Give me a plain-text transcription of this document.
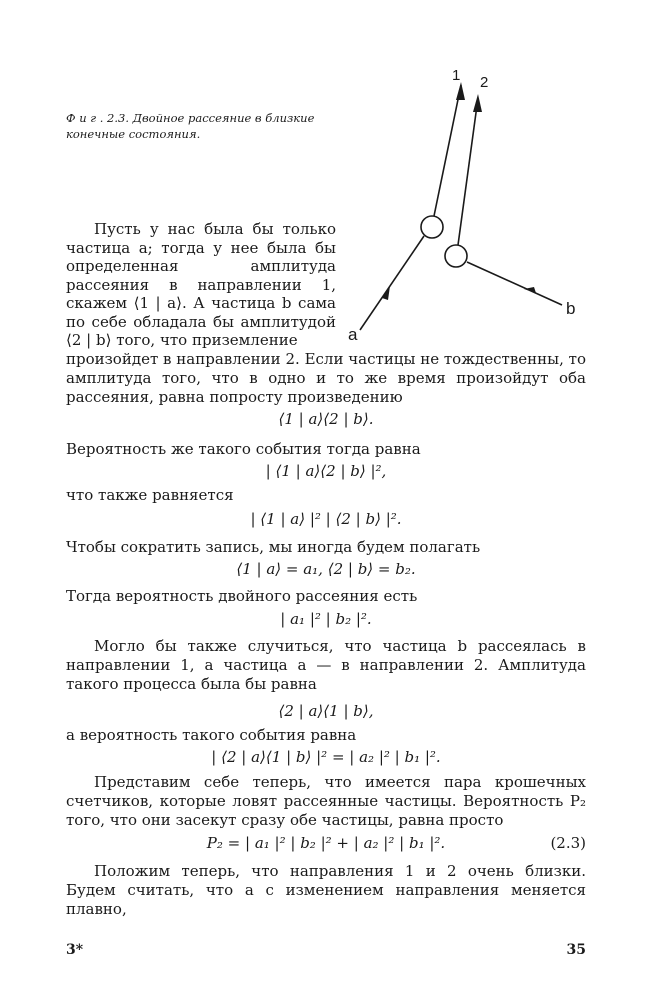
Ф и г . 2.3. Двойное рассеяние в близкие конечные состояния.
1 2
a
b

Пусть у нас была бы только частица a; тогда у нее была бы определенная амплитуда рассеяния в направлении 1, скажем ⟨1 | a⟩. А частица b сама по себе обладала бы амплитудой ⟨2 | b⟩ того, что приземление

произойдет в направлении 2. Если частицы не тождественны, то амплитуда того, что в одно и то же время произойдут оба рассеяния, равна попросту произведению

⟨1 | a⟩⟨2 | b⟩.
Вероятность же такого события тогда равна
| ⟨1 | a⟩⟨2 | b⟩ |²,
что также равняется
| ⟨1 | a⟩ |² | ⟨2 | b⟩ |².
Чтобы сократить запись, мы иногда будем полагать
⟨1 | a⟩ = a₁, ⟨2 | b⟩ = b₂.
Тогда вероятность двойного рассеяния есть
| a₁ |² | b₂ |².

Могло бы также случиться, что частица b рассеялась в направлении 1, а частица a — в направлении 2. Амплитуда такого процесса была бы равна

⟨2 | a⟩⟨1 | b⟩,
а вероятность такого события равна
| ⟨2 | a⟩⟨1 | b⟩ |² = | a₂ |² | b₁ |².

Представим себе теперь, что имеется пара крошечных счетчиков, которые ловят рассеянные частицы. Вероятность P₂ того, что они засекут сразу обе частицы, равна просто

P₂ = | a₁ |² | b₂ |² + | a₂ |² | b₁ |².	(2.3)

Положим теперь, что направления 1 и 2 очень близки. Будем считать, что a с изменением направления меняется плавно,

3*	35
